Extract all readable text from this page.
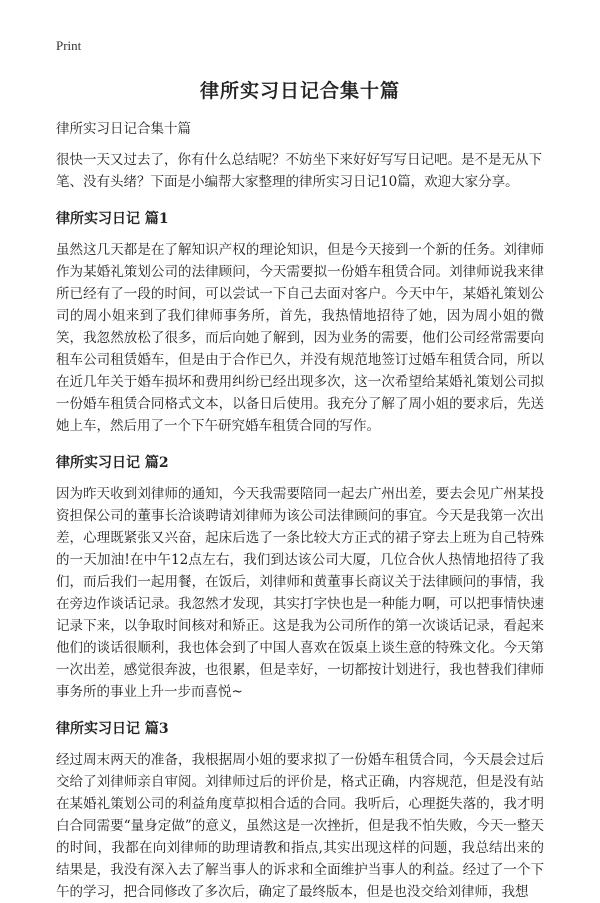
Print
律所实习日记合集十篇

律所实习日记合集十篇

很快一天又过去了，你有什么总结呢？不妨坐下来好好写写日记吧。是不是无从下笔、没有头绪？下面是小编帮大家整理的律所实习日记10篇，欢迎大家分享。

律所实习日记 篇1

虽然这几天都是在了解知识产权的理论知识，但是今天接到一个新的任务。刘律师作为某婚礼策划公司的法律顾问，今天需要拟一份婚车租赁合同。刘律师说我来律所已经有了一段的时间，可以尝试一下自己去面对客户。今天中午，某婚礼策划公司的周小姐来到了我们律师事务所，首先，我热情地招待了她，因为周小姐的微笑，我忽然放松了很多，而后向她了解到，因为业务的需要，他们公司经常需要向租车公司租赁婚车，但是由于合作已久，并没有规范地签订过婚车租赁合同，所以在近几年关于婚车损坏和费用纠纷已经出现多次，这一次希望给某婚礼策划公司拟一份婚车租赁合同格式文本，以备日后使用。我充分了解了周小姐的要求后，先送她上车，然后用了一个下午研究婚车租赁合同的写作。

律所实习日记 篇2

因为昨天收到刘律师的通知，今天我需要陪同一起去广州出差，要去会见广州某投资担保公司的董事长洽谈聘请刘律师为该公司法律顾问的事宜。今天是我第一次出差，心理既紧张又兴奋，起床后选了一条比较大方正式的裙子穿去上班为自己特殊的一天加油!在中午12点左右，我们到达该公司大厦，几位合伙人热情地招待了我们，而后我们一起用餐，在饭后，刘律师和黄董事长商议关于法律顾问的事情，我在旁边作谈话记录。我忽然才发现，其实打字快也是一种能力啊，可以把事情快速记录下来，以争取时间核对和矫正。这是我为公司所作的第一次谈话记录，看起来他们的谈话很顺利，我也体会到了中国人喜欢在饭桌上谈生意的特殊文化。今天第一次出差，感觉很奔波，也很累，但是幸好，一切都按计划进行，我也替我们律师事务所的事业上升一步而喜悦~

律所实习日记 篇3

经过周末两天的准备，我根据周小姐的要求拟了一份婚车租赁合同，今天晨会过后交给了刘律师亲自审阅。刘律师过后的评价是，格式正确，内容规范，但是没有站在某婚礼策划公司的利益角度草拟相合适的合同。我听后，心理挺失落的，我才明白合同需要“量身定做”的意义，虽然这是一次挫折，但是我不怕失败，今天一整天的时间，我都在向刘律师的助理请教和指点,其实出现这样的问题，我总结出来的结果是，我没有深入去了解当事人的诉求和全面维护当事人的利益。经过了一个下午的学习，把合同修改了多次后，确定了最终版本，但是也没交给刘律师，我想
